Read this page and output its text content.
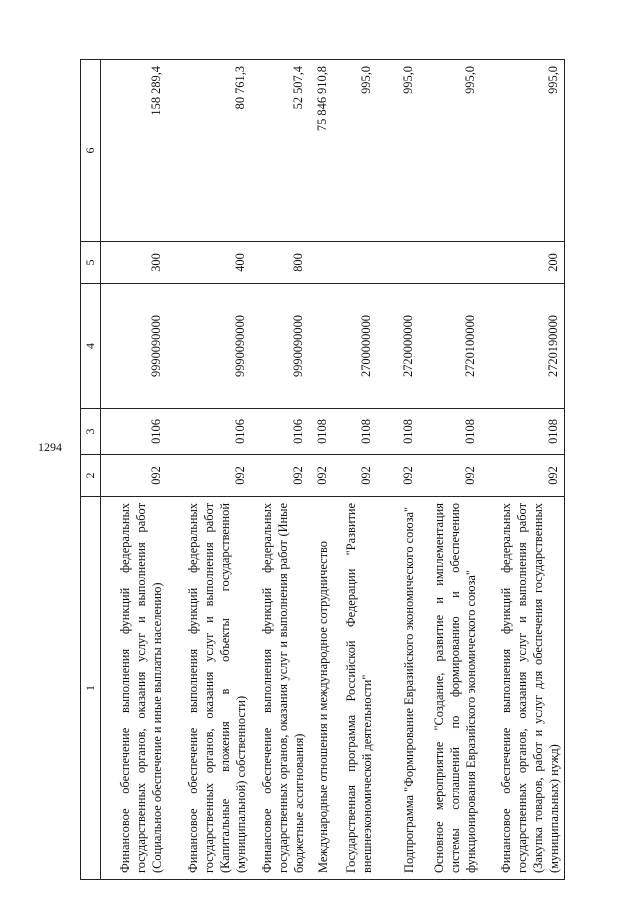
1294
1	2	3	4	5	6
Финансовое обеспечение выполнения функций федеральных государственных органов, оказания услуг и выполнения работ (Социальное обеспечение и иные выплаты населению)	092	0106	9990090000	300	158 289,4
Финансовое обеспечение выполнения функций федеральных государственных органов, оказания услуг и выполнения работ (Капитальные вложения в объекты государственной (муниципальной) собственности)	092	0106	9990090000	400	80 761,3
Финансовое обеспечение выполнения функций федеральных государственных органов, оказания услуг и выполнения работ (Иные бюджетные ассигнования)	092	0106	9990090000	800	52 507,4
Международные отношения и международное сотрудничество	092	0108			75 846 910,8
Государственная программа Российской Федерации "Развитие внешнеэкономической деятельности"	092	0108	2700000000		995,0
Подпрограмма "Формирование Евразийского экономического союза"	092	0108	2720000000		995,0
Основное мероприятие "Создание, развитие и имплементация системы соглашений по формированию и обеспечению функционирования Евразийского экономического союза"	092	0108	2720100000		995,0
Финансовое обеспечение выполнения функций федеральных государственных органов, оказания услуг и выполнения работ (Закупка товаров, работ и услуг для обеспечения государственных (муниципальных) нужд)	092	0108	2720190000	200	995,0
